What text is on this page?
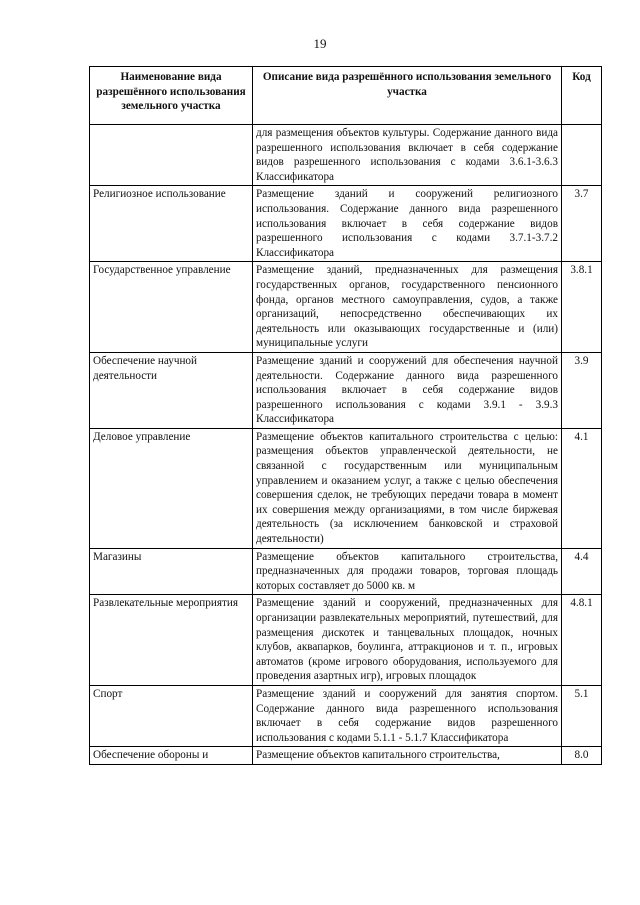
19
Наименование вида разрешённого использования земельного участка	Описание вида разрешённого использования земельного участка	Код
	для размещения объектов культуры. Содержание данного вида разрешенного использования включает в себя содержание видов разрешенного использования с кодами 3.6.1-3.6.3 Классификатора	
Религиозное использование	Размещение зданий и сооружений религиозного использования. Содержание данного вида разрешенного использования включает в себя содержание видов разрешенного использования с кодами 3.7.1-3.7.2 Классификатора	3.7
Государственное управление	Размещение зданий, предназначенных для размещения государственных органов, государственного пенсионного фонда, органов местного самоуправления, судов, а также организаций, непосредственно обеспечивающих их деятельность или оказывающих государственные и (или) муниципальные услуги	3.8.1
Обеспечение научной деятельности	Размещение зданий и сооружений для обеспечения научной деятельности. Содержание данного вида разрешенного использования включает в себя содержание видов разрешенного использования с кодами 3.9.1 - 3.9.3 Классификатора	3.9
Деловое управление	Размещение объектов капитального строительства с целью: размещения объектов управленческой деятельности, не связанной с государственным или муниципальным управлением и оказанием услуг, а также с целью обеспечения совершения сделок, не требующих передачи товара в момент их совершения между организациями, в том числе биржевая деятельность (за исключением банковской и страховой деятельности)	4.1
Магазины	Размещение объектов капитального строительства, предназначенных для продажи товаров, торговая площадь которых составляет до 5000 кв. м	4.4
Развлекательные мероприятия	Размещение зданий и сооружений, предназначенных для организации развлекательных мероприятий, путешествий, для размещения дискотек и танцевальных площадок, ночных клубов, аквапарков, боулинга, аттракционов и т. п., игровых автоматов (кроме игрового оборудования, используемого для проведения азартных игр), игровых площадок	4.8.1
Спорт	Размещение зданий и сооружений для занятия спортом. Содержание данного вида разрешенного использования включает в себя содержание видов разрешенного использования с кодами 5.1.1 - 5.1.7 Классификатора	5.1
Обеспечение обороны и	Размещение объектов капитального строительства,	8.0
